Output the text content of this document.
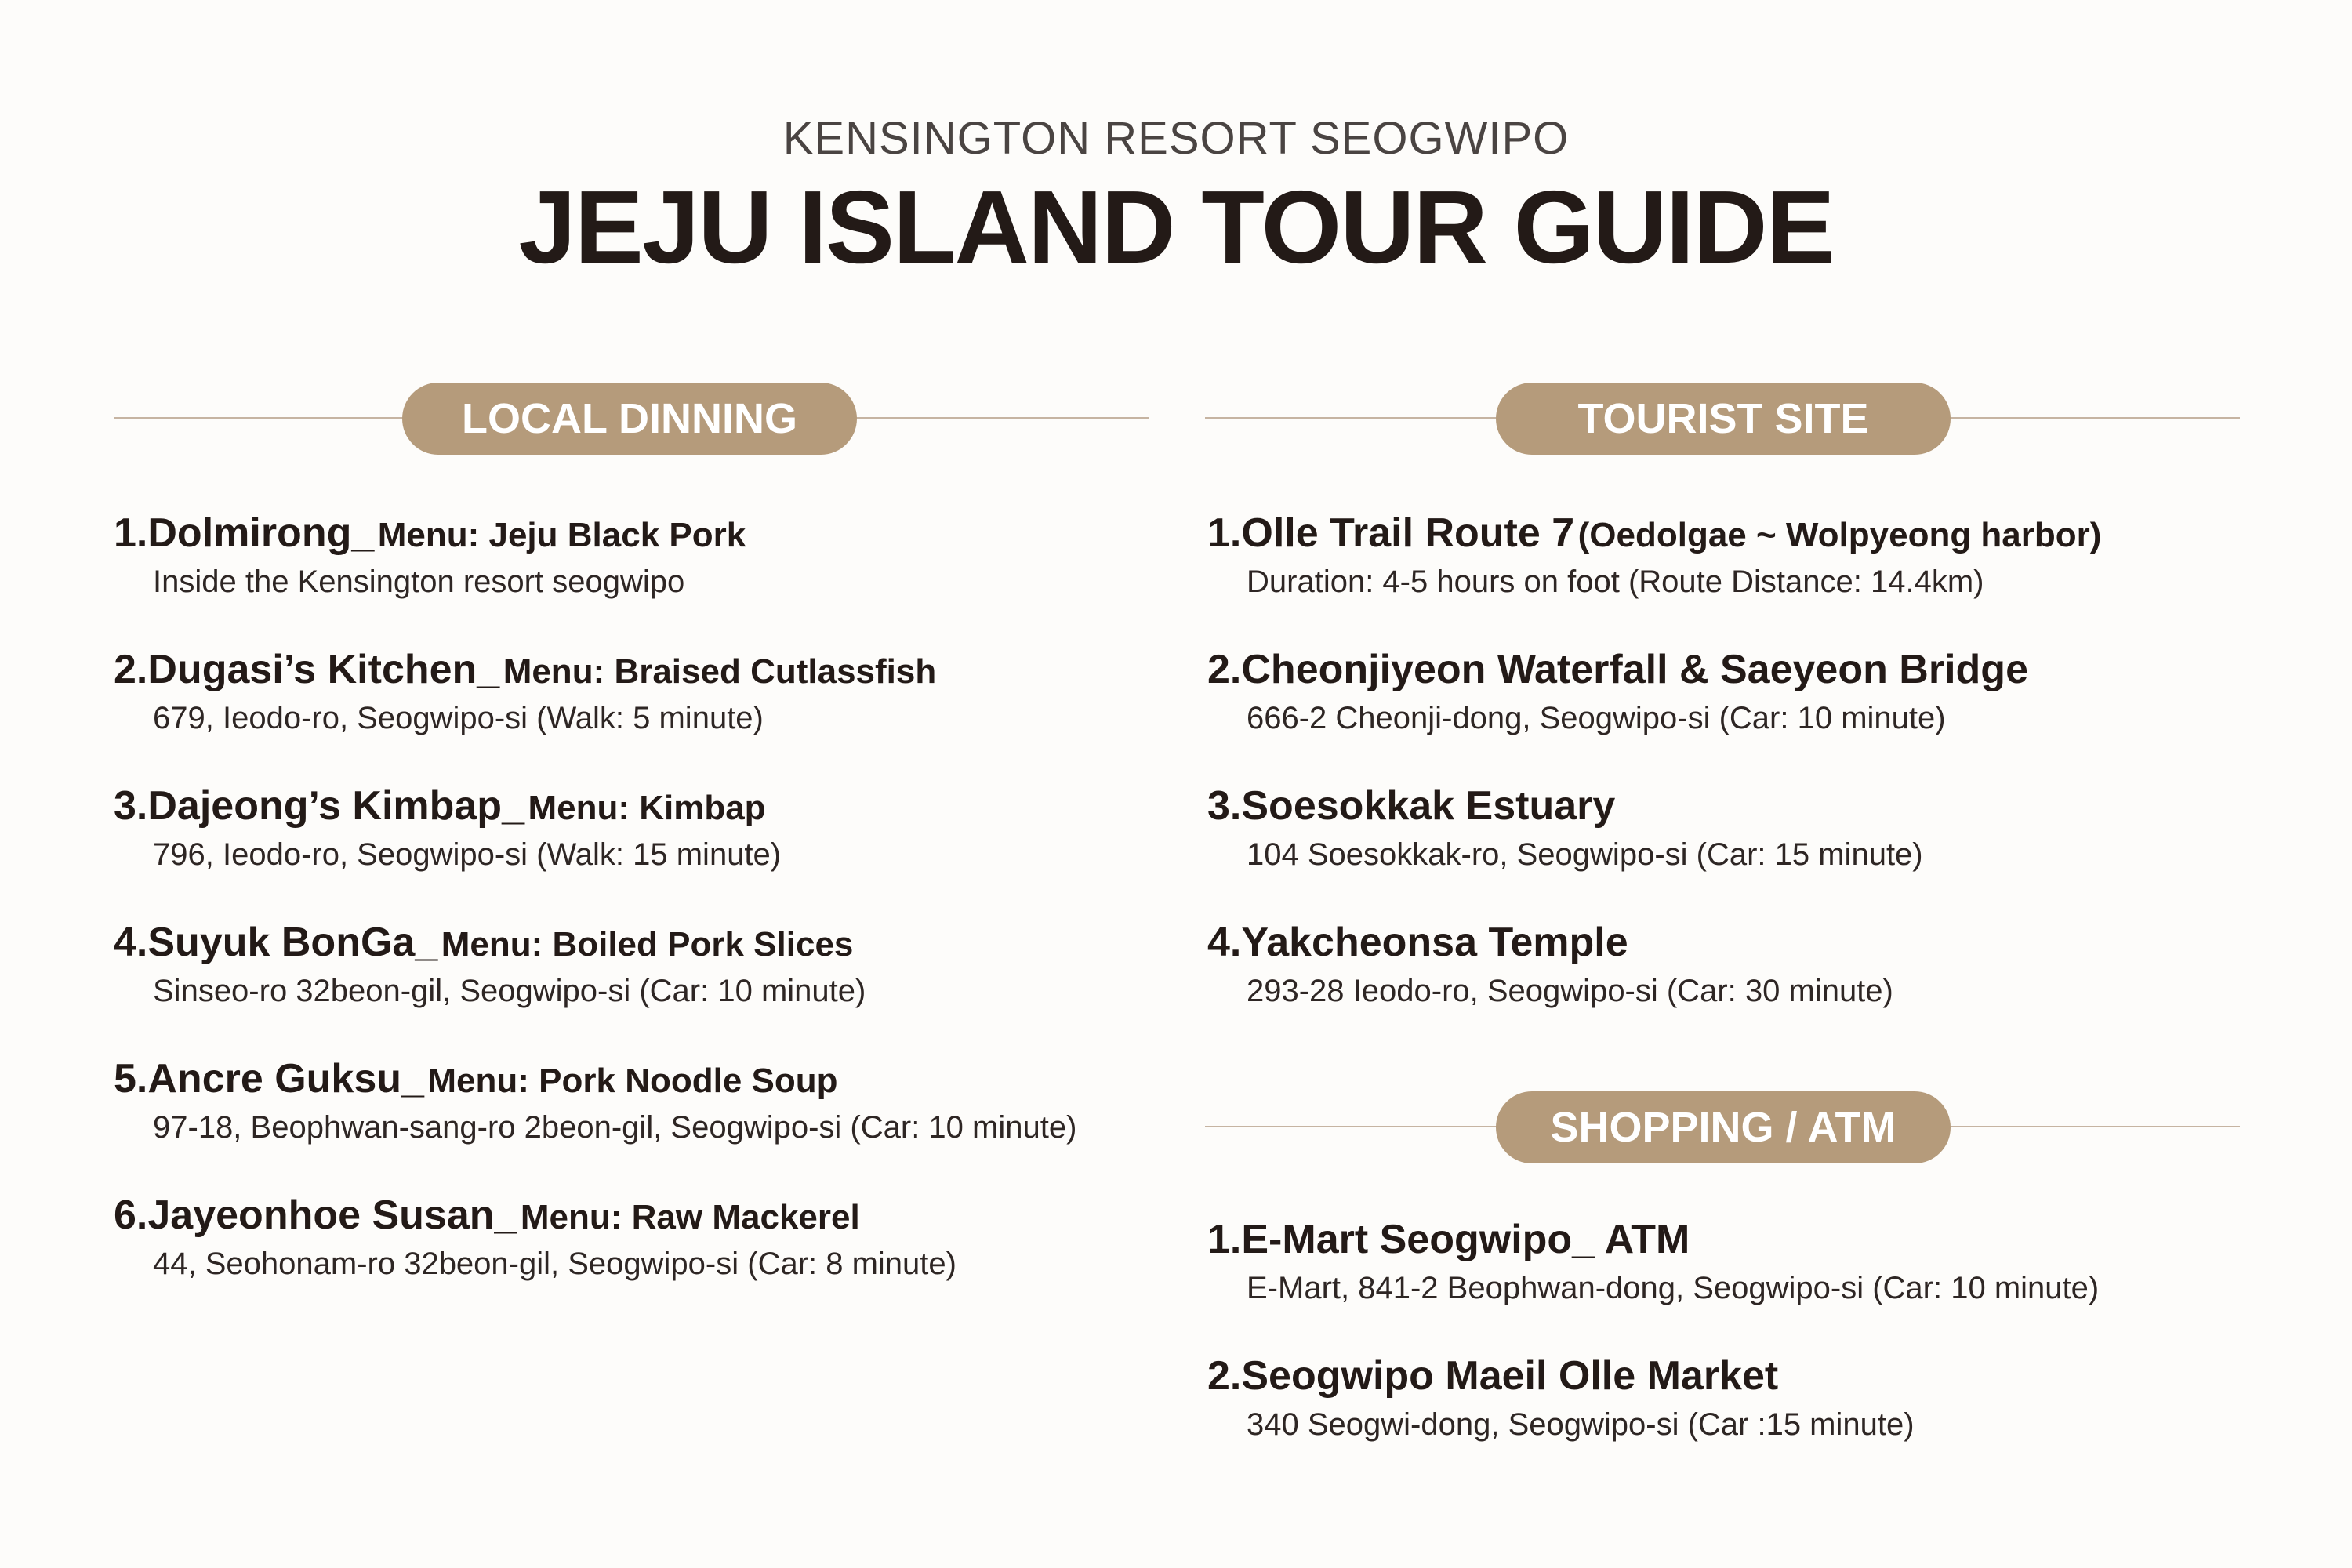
KENSINGTON RESORT SEOGWIPO
JEJU ISLAND TOUR GUIDE
LOCAL DINNING
1.Dolmirong_ Menu: Jeju Black Pork
Inside the Kensington resort seogwipo
2.Dugasi’s Kitchen_ Menu: Braised Cutlassfish
679, Ieodo-ro, Seogwipo-si (Walk: 5 minute)
3.Dajeong’s Kimbap_ Menu: Kimbap
796, Ieodo-ro, Seogwipo-si (Walk: 15 minute)
4.Suyuk BonGa_ Menu: Boiled Pork Slices
Sinseo-ro 32beon-gil, Seogwipo-si (Car: 10 minute)
5.Ancre Guksu_ Menu: Pork Noodle Soup
97-18, Beophwan-sang-ro 2beon-gil, Seogwipo-si (Car: 10 minute)
6.Jayeonhoe Susan_ Menu: Raw Mackerel
44, Seohonam-ro 32beon-gil, Seogwipo-si (Car: 8 minute)
TOURIST SITE
1.Olle Trail Route 7 (Oedolgae ~ Wolpyeong harbor)
Duration: 4-5 hours on foot (Route Distance: 14.4km)
2.Cheonjiyeon Waterfall & Saeyeon Bridge
666-2 Cheonji-dong, Seogwipo-si (Car: 10 minute)
3.Soesokkak Estuary
104 Soesokkak-ro, Seogwipo-si (Car: 15 minute)
4.Yakcheonsa Temple
293-28 Ieodo-ro, Seogwipo-si (Car: 30 minute)
SHOPPING / ATM
1.E-Mart Seogwipo_ ATM
E-Mart, 841-2 Beophwan-dong, Seogwipo-si (Car: 10 minute)
2.Seogwipo Maeil Olle Market
340 Seogwi-dong, Seogwipo-si (Car :15 minute)
